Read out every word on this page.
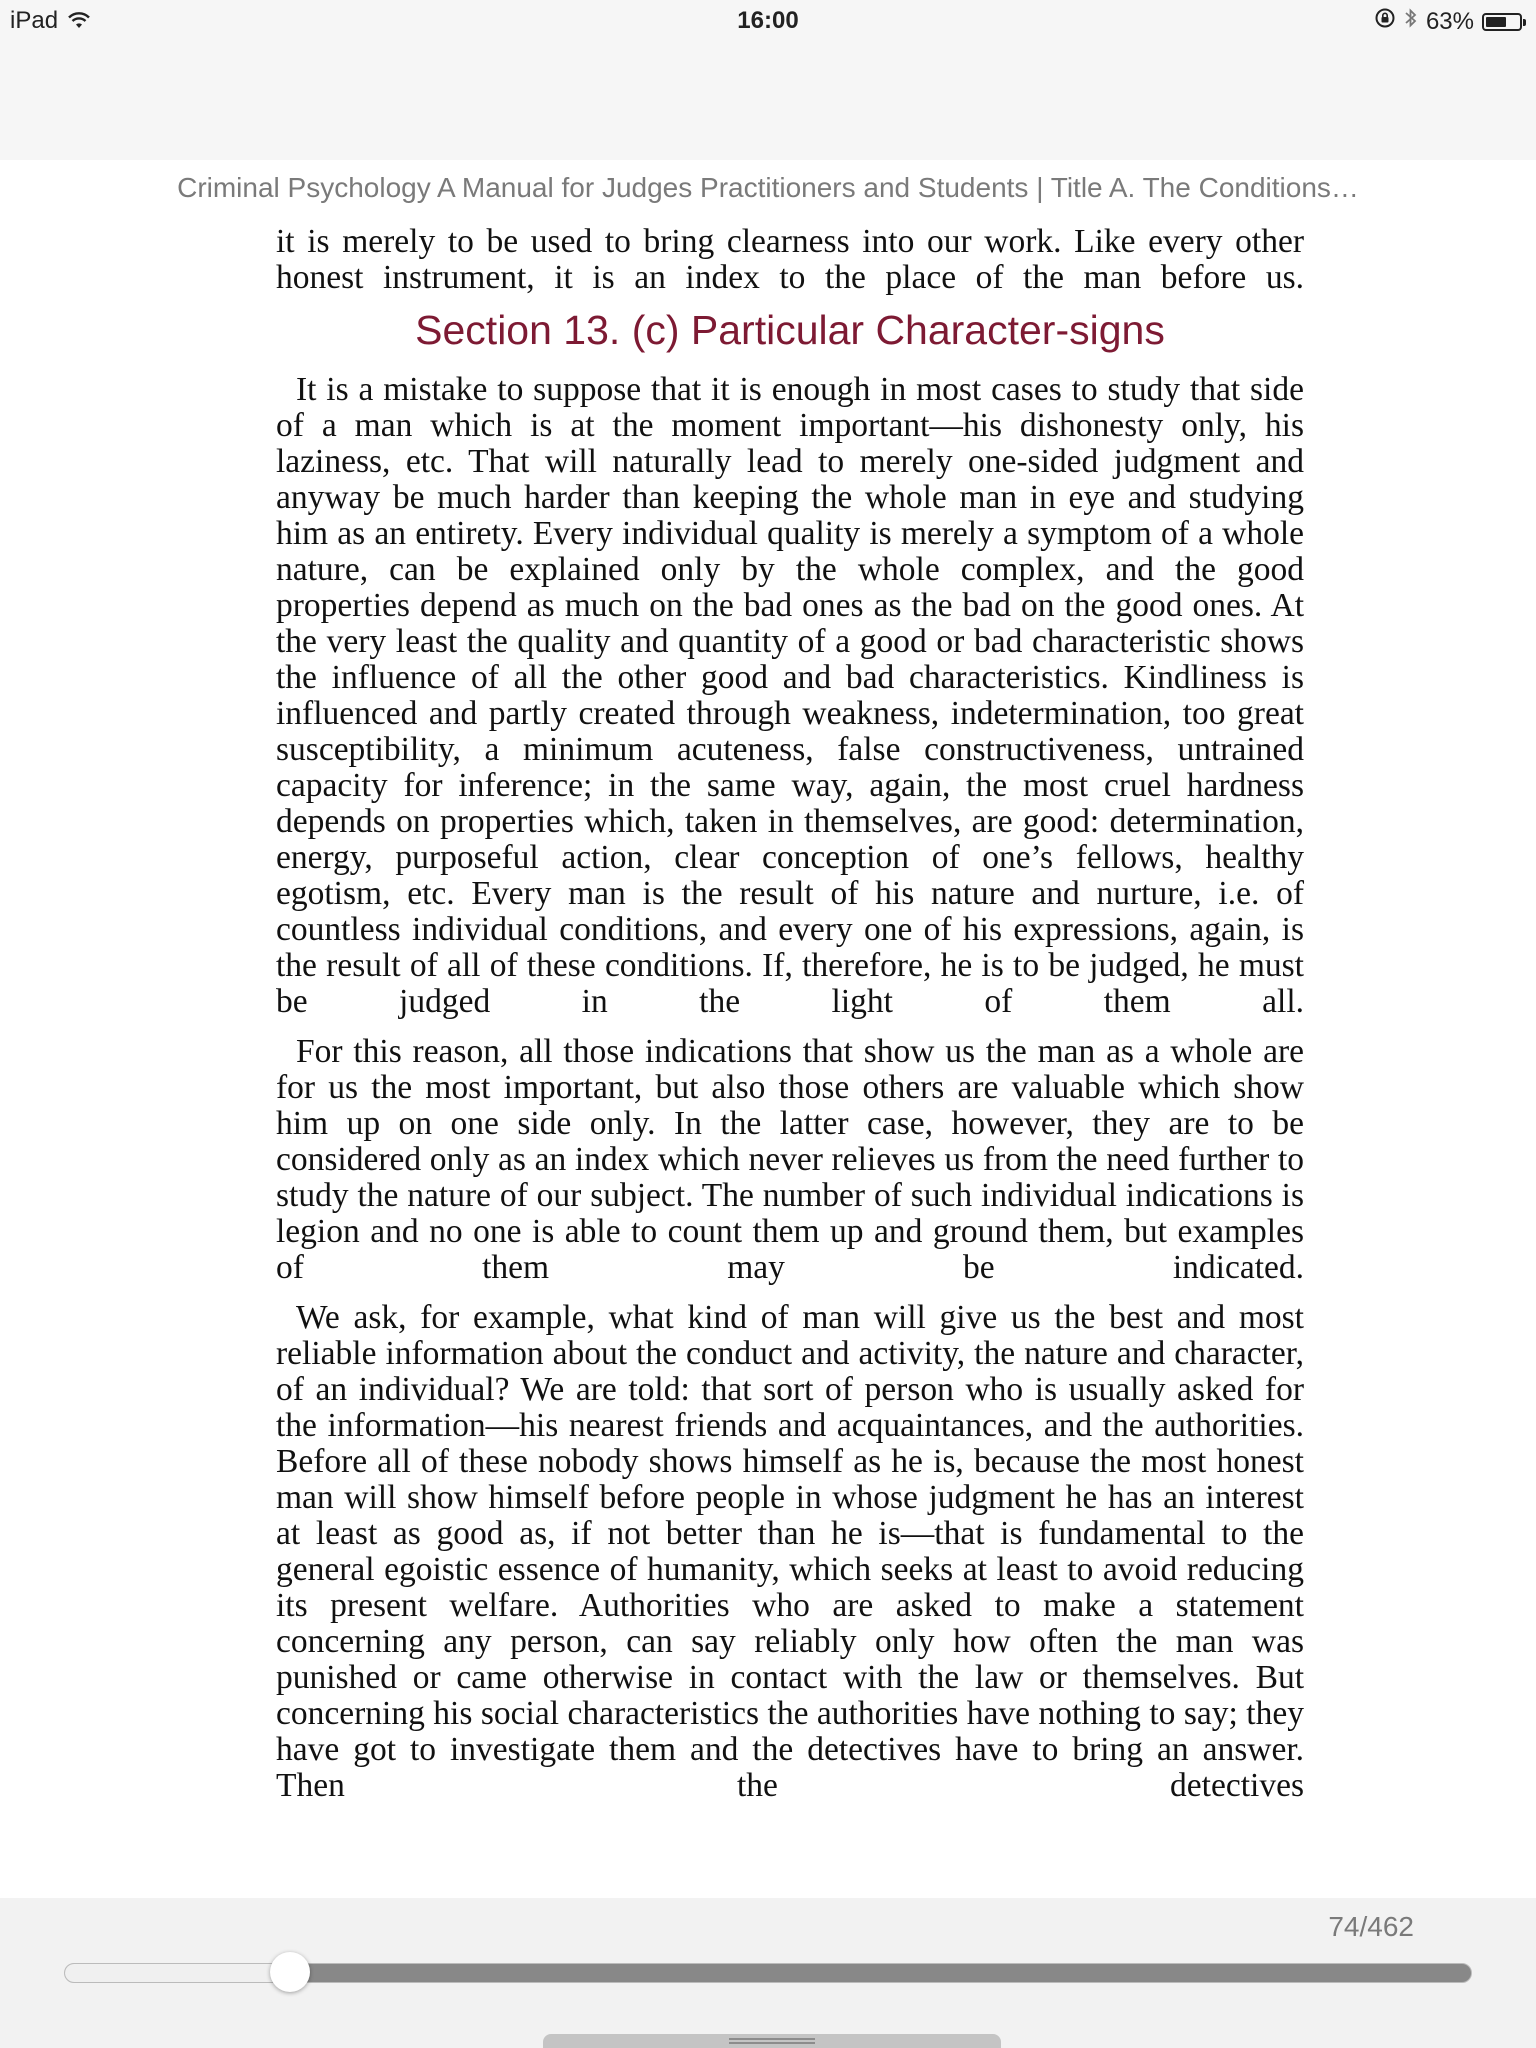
iPad	16:00	63%
Criminal Psychology A Manual for Judges Practitioners and Students | Title A. The Conditions…

it is merely to be used to bring clearness into our work. Like every other honest instrument, it is an index to the place of the man before us.

Section 13. (c) Particular Character-signs

It is a mistake to suppose that it is enough in most cases to study that side of a man which is at the moment important—his dishonesty only, his laziness, etc. That will naturally lead to merely one-sided judgment and anyway be much harder than keeping the whole man in eye and studying him as an entirety. Every individual quality is merely a symptom of a whole nature, can be explained only by the whole complex, and the good properties depend as much on the bad ones as the bad on the good ones. At the very least the quality and quantity of a good or bad characteristic shows the influence of all the other good and bad characteristics. Kindliness is influenced and partly created through weakness, indetermination, too great susceptibility, a minimum acuteness, false constructiveness, untrained capacity for inference; in the same way, again, the most cruel hardness depends on properties which, taken in themselves, are good: determination, energy, purposeful action, clear conception of one’s fellows, healthy egotism, etc. Every man is the result of his nature and nurture, i.e. of countless individual conditions, and every one of his expressions, again, is the result of all of these conditions. If, therefore, he is to be judged, he must be judged in the light of them all.

For this reason, all those indications that show us the man as a whole are for us the most important, but also those others are valuable which show him up on one side only. In the latter case, however, they are to be considered only as an index which never relieves us from the need further to study the nature of our subject. The number of such individual indications is legion and no one is able to count them up and ground them, but examples of them may be indicated.

We ask, for example, what kind of man will give us the best and most reliable information about the conduct and activity, the nature and character, of an individual? We are told: that sort of person who is usually asked for the information—his nearest friends and acquaintances, and the authorities. Before all of these nobody shows himself as he is, because the most honest man will show himself before people in whose judgment he has an interest at least as good as, if not better than he is—that is fundamental to the general egoistic essence of humanity, which seeks at least to avoid reducing its present welfare. Authorities who are asked to make a statement concerning any person, can say reliably only how often the man was punished or came otherwise in contact with the law or themselves. But concerning his social characteristics the authorities have nothing to say; they have got to investigate them and the detectives have to bring an answer. Then the detectives

74/462
